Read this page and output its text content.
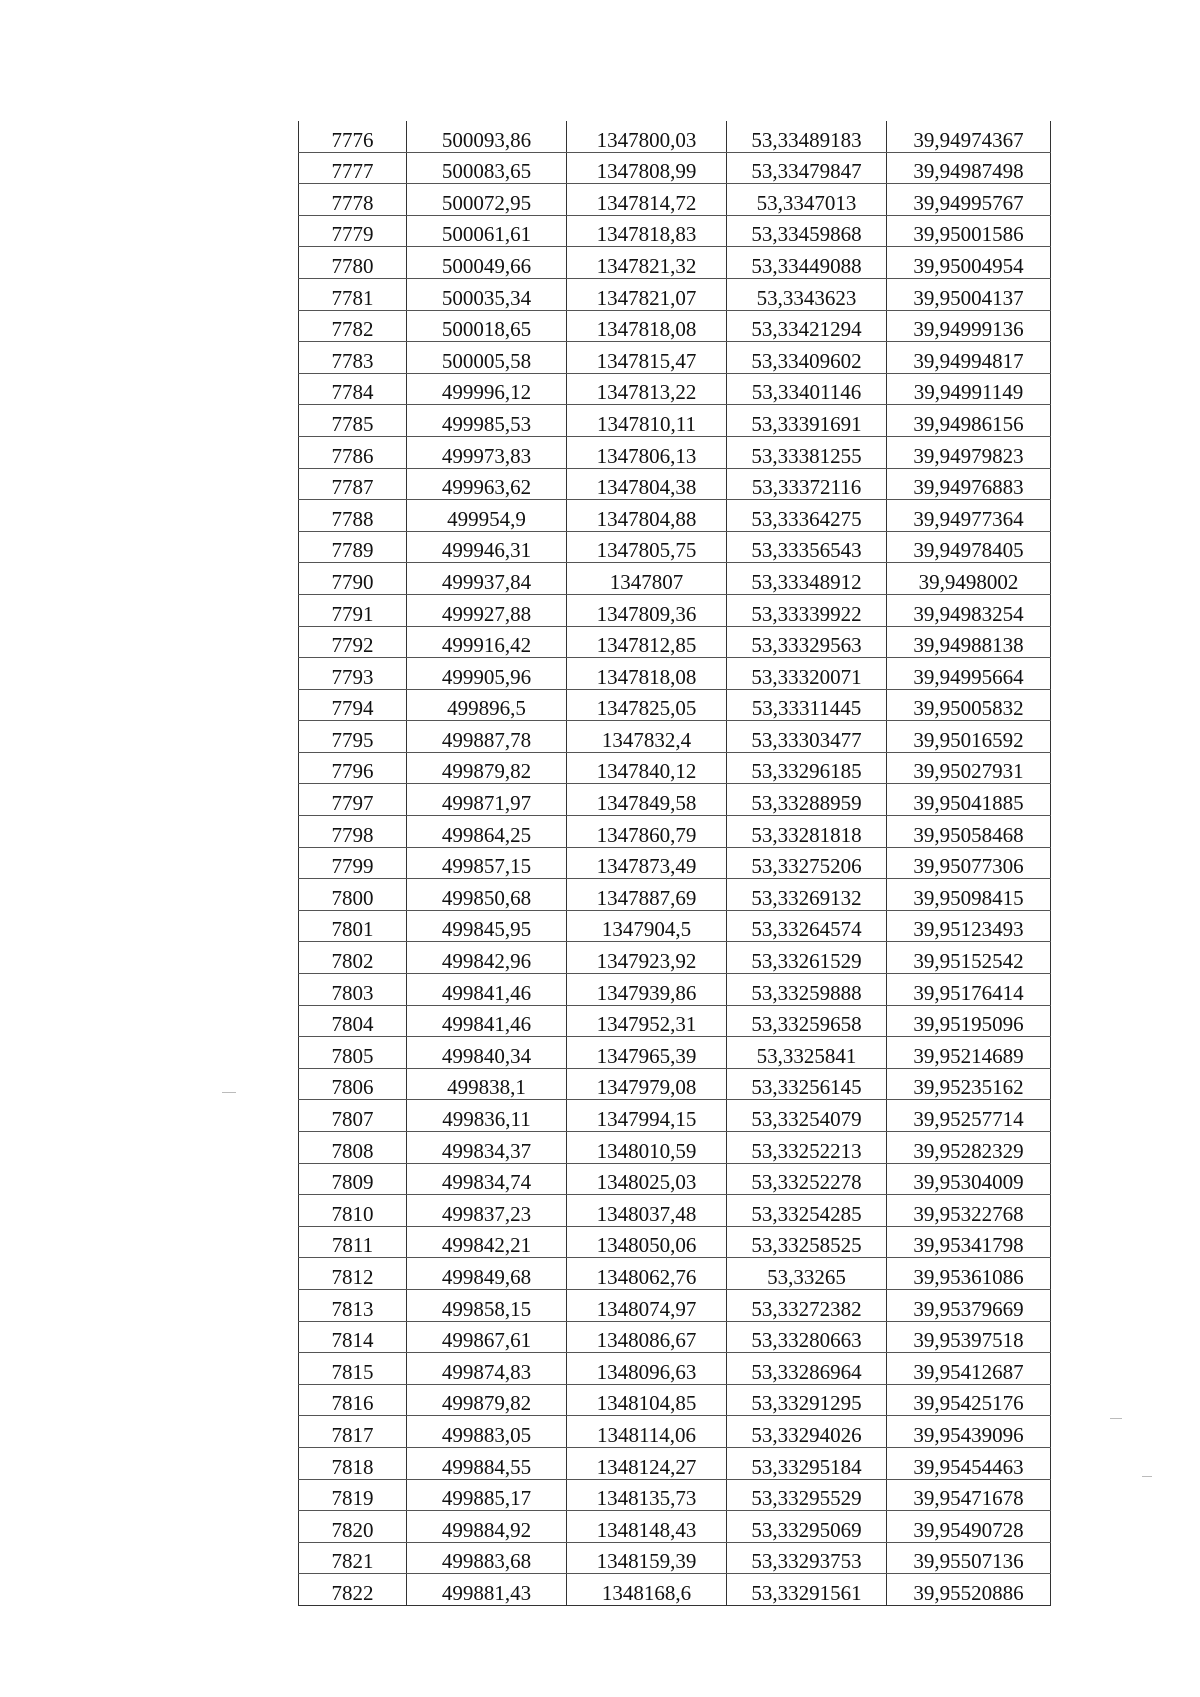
7776	500093,86	1347800,03	53,33489183	39,94974367
7777	500083,65	1347808,99	53,33479847	39,94987498
7778	500072,95	1347814,72	53,3347013	39,94995767
7779	500061,61	1347818,83	53,33459868	39,95001586
7780	500049,66	1347821,32	53,33449088	39,95004954
7781	500035,34	1347821,07	53,3343623	39,95004137
7782	500018,65	1347818,08	53,33421294	39,94999136
7783	500005,58	1347815,47	53,33409602	39,94994817
7784	499996,12	1347813,22	53,33401146	39,94991149
7785	499985,53	1347810,11	53,33391691	39,94986156
7786	499973,83	1347806,13	53,33381255	39,94979823
7787	499963,62	1347804,38	53,33372116	39,94976883
7788	499954,9	1347804,88	53,33364275	39,94977364
7789	499946,31	1347805,75	53,33356543	39,94978405
7790	499937,84	1347807	53,33348912	39,9498002
7791	499927,88	1347809,36	53,33339922	39,94983254
7792	499916,42	1347812,85	53,33329563	39,94988138
7793	499905,96	1347818,08	53,33320071	39,94995664
7794	499896,5	1347825,05	53,33311445	39,95005832
7795	499887,78	1347832,4	53,33303477	39,95016592
7796	499879,82	1347840,12	53,33296185	39,95027931
7797	499871,97	1347849,58	53,33288959	39,95041885
7798	499864,25	1347860,79	53,33281818	39,95058468
7799	499857,15	1347873,49	53,33275206	39,95077306
7800	499850,68	1347887,69	53,33269132	39,95098415
7801	499845,95	1347904,5	53,33264574	39,95123493
7802	499842,96	1347923,92	53,33261529	39,95152542
7803	499841,46	1347939,86	53,33259888	39,95176414
7804	499841,46	1347952,31	53,33259658	39,95195096
7805	499840,34	1347965,39	53,3325841	39,95214689
7806	499838,1	1347979,08	53,33256145	39,95235162
7807	499836,11	1347994,15	53,33254079	39,95257714
7808	499834,37	1348010,59	53,33252213	39,95282329
7809	499834,74	1348025,03	53,33252278	39,95304009
7810	499837,23	1348037,48	53,33254285	39,95322768
7811	499842,21	1348050,06	53,33258525	39,95341798
7812	499849,68	1348062,76	53,33265	39,95361086
7813	499858,15	1348074,97	53,33272382	39,95379669
7814	499867,61	1348086,67	53,33280663	39,95397518
7815	499874,83	1348096,63	53,33286964	39,95412687
7816	499879,82	1348104,85	53,33291295	39,95425176
7817	499883,05	1348114,06	53,33294026	39,95439096
7818	499884,55	1348124,27	53,33295184	39,95454463
7819	499885,17	1348135,73	53,33295529	39,95471678
7820	499884,92	1348148,43	53,33295069	39,95490728
7821	499883,68	1348159,39	53,33293753	39,95507136
7822	499881,43	1348168,6	53,33291561	39,95520886
